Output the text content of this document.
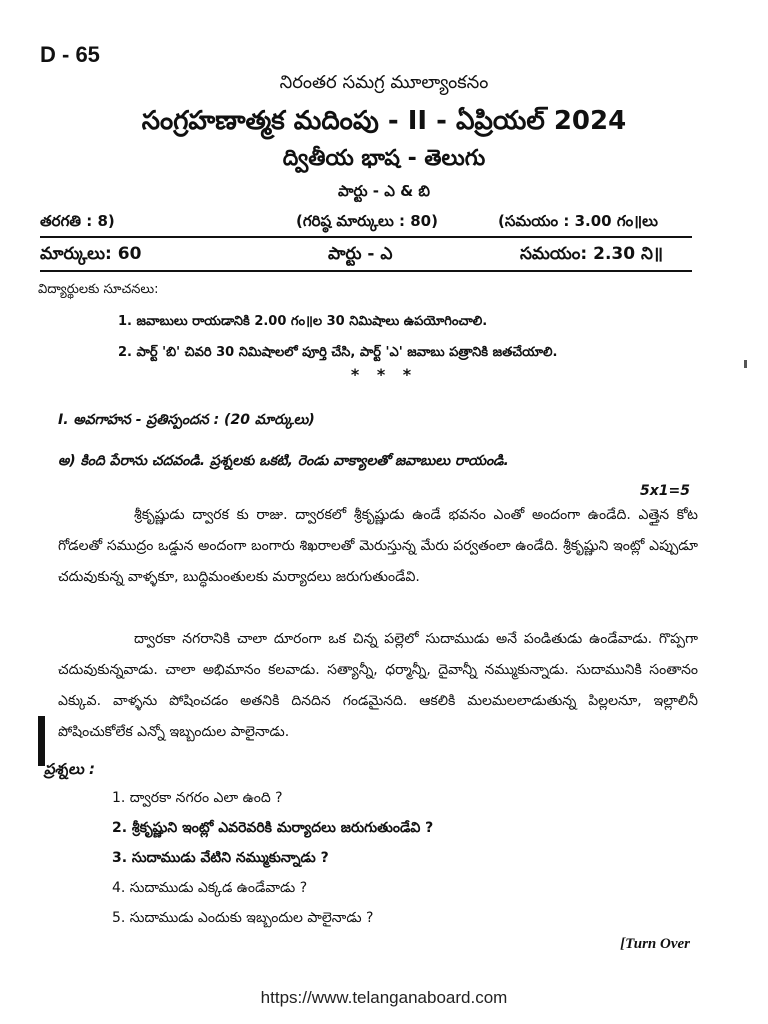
D - 65
నిరంతర సమగ్ర మూల్యాంకనం
సంగ్రహణాత్మక మదింపు - II - ఏప్రియల్ 2024
ద్వితీయ భాష - తెలుగు
పార్టు - ఎ & బి
తరగతి : 8)	(గరిష్ఠ మార్కులు : 80)	(సమయం : 3.00 గం॥లు
మార్కులు: 60	పార్టు - ఎ	సమయం: 2.30 ని॥
విద్యార్థులకు సూచనలు:
1. జవాబులు రాయడానికి 2.00 గం॥ల 30 నిమిషాలు ఉపయోగించాలి.
2. పార్ట్ 'బి' చివరి 30 నిమిషాలలో పూర్తి చేసి, పార్ట్ 'ఎ' జవాబు పత్రానికి జతచేయాలి.
* * *
I. అవగాహన - ప్రతిస్పందన : (20 మార్కులు)
అ) కింది పేరాను చదవండి. ప్రశ్నలకు ఒకటి, రెండు వాక్యాలతో జవాబులు రాయండి.
5x1=5
శ్రీకృష్ణుడు ద్వారక కు రాజు. ద్వారకలో శ్రీకృష్ణుడు ఉండే భవనం ఎంతో అందంగా ఉండేది. ఎత్తైన కోట గోడలతో సముద్రం ఒడ్డున అందంగా బంగారు శిఖరాలతో మెరుస్తున్న మేరు పర్వతంలా ఉండేది. శ్రీకృష్ణుని ఇంట్లో ఎప్పుడూ చదువుకున్న వాళ్ళకూ, బుద్ధిమంతులకు మర్యాదలు జరుగుతుండేవి.
ద్వారకా నగరానికి చాలా దూరంగా ఒక చిన్న పల్లెలో సుదాముడు అనే పండితుడు ఉండేవాడు. గొప్పగా చదువుకున్నవాడు. చాలా అభిమానం కలవాడు. సత్యాన్నీ, ధర్మాన్నీ, దైవాన్నీ నమ్ముకున్నాడు. సుదామునికి సంతానం ఎక్కువ. వాళ్ళను పోషించడం అతనికి దినదిన గండమైనది. ఆకలికి మలమలలాడుతున్న పిల్లలనూ, ఇల్లాలినీ పోషించుకోలేక ఎన్నో ఇబ్బందుల పాలైనాడు.
ప్రశ్నలు :
1. ద్వారకా నగరం ఎలా ఉంది ?
2. శ్రీకృష్ణుని ఇంట్లో ఎవరెవరికి మర్యాదలు జరుగుతుండేవి ?
3. సుదాముడు వేటిని నమ్ముకున్నాడు ?
4. సుదాముడు ఎక్కడ ఉండేవాడు ?
5. సుదాముడు ఎందుకు ఇబ్బందుల పాలైనాడు ?
[Turn Over
https://www.telanganaboard.com
